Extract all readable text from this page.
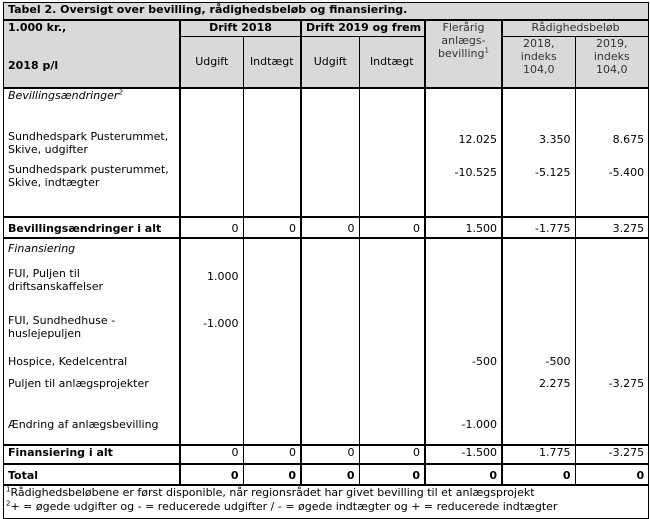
Tabel 2. Oversigt over bevilling, rådighedsbeløb og finansiering.							

1.000 kr.,
2018 p/l	Drift 2018		Drift 2019 og frem		Flerårig anlægs-bevilling$^1$	Rådighedsbeløb	
	Udgift	Indtægt	Udgift	Indtægt		2018, indeks 104,0	2019, indeks 104,0
Bevillingsændringer$^2$							
Sundhedspark Pusterummet, Skive, udgifter					12.025	3.350	8.675
Sundhedspark pusterummet, Skive, indtægter					-10.525	-5.125	-5.400
Bevillingsændringer i alt	0	0	0	0	1.500	-1.775	3.275
Finansiering							
FUI, Puljen til driftsanskaffelser	1.000						
FUI, Sundhedhuse - huslejepuljen	-1.000						
Hospice, Kedelcentral					-500	-500	
Puljen til anlægsprojekter						2.275	-3.275
Ændring af anlægsbevilling					-1.000		
Finansiering i alt	0	0	0	0	-1.500	1.775	-3.275
Total	0	0	0	0	0	0	0
$^1$Rådighedsbeløbene er først disponible, når regionsrådet har givet bevilling til et anlægsprojekt							
$^2$+ = øgede udgifter og - = reducerede udgifter / - = øgede indtægter og + = reducerede indtægter							
